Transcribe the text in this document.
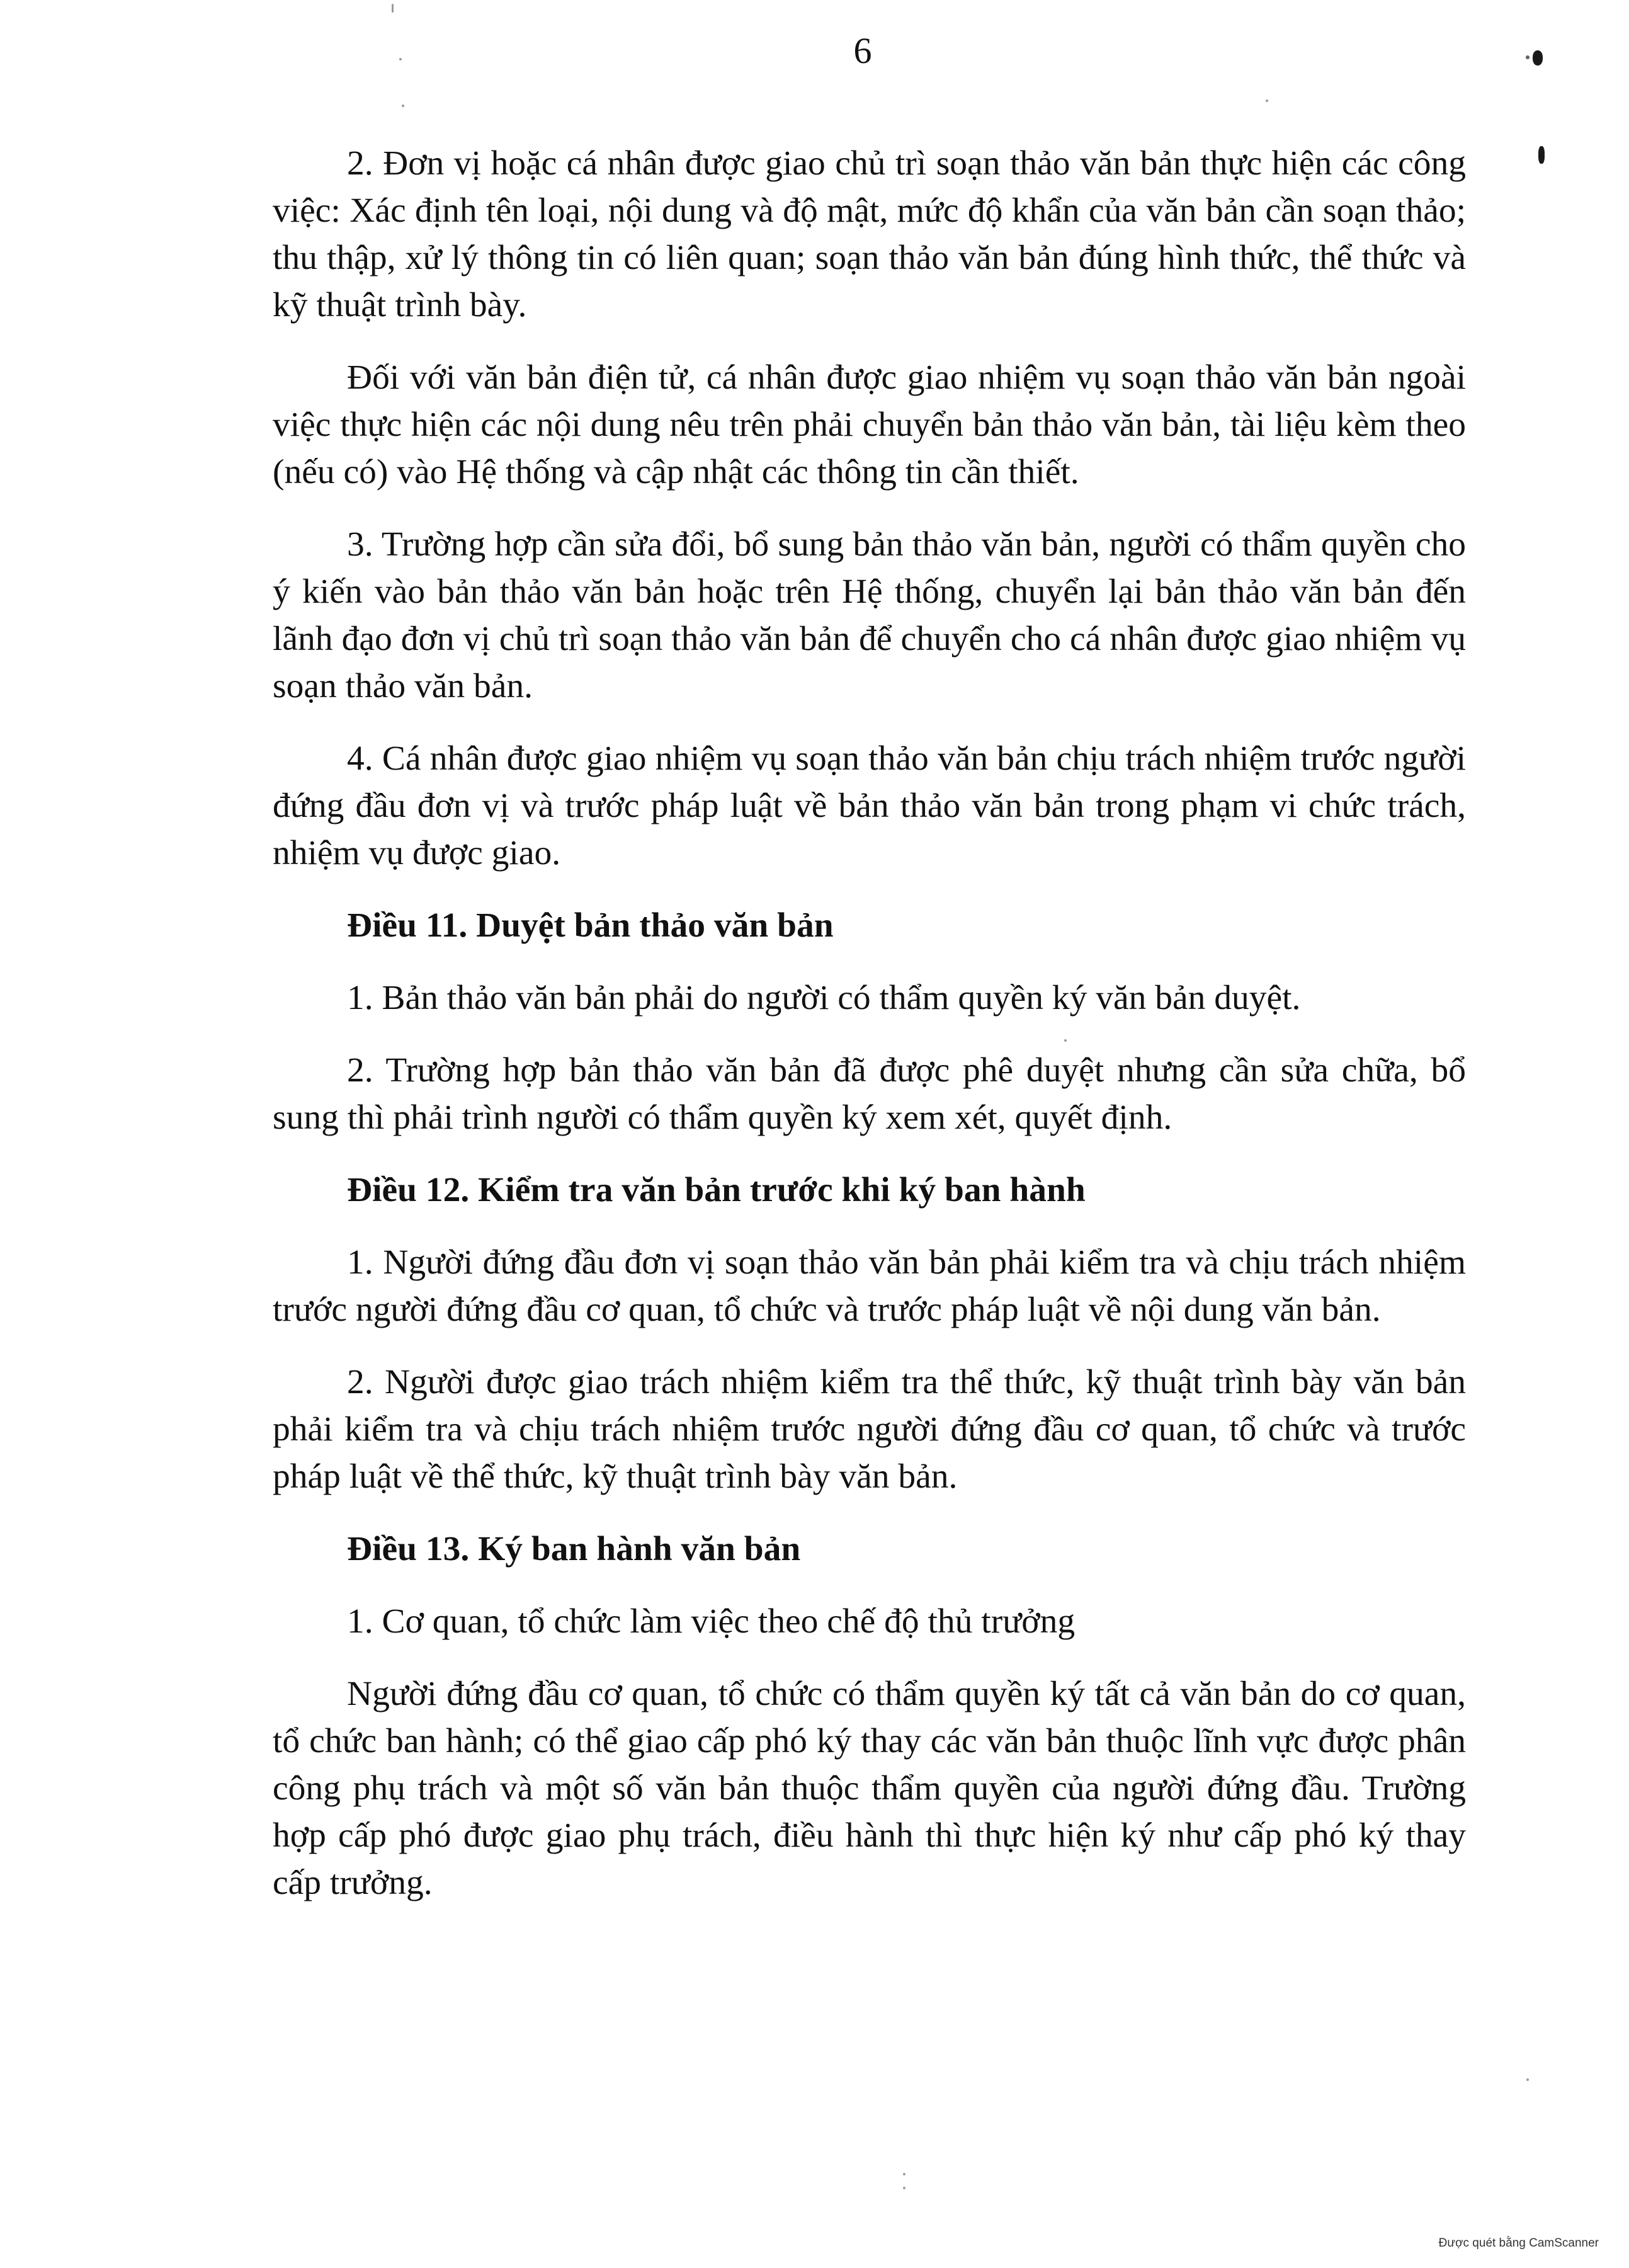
6

2. Đơn vị hoặc cá nhân được giao chủ trì soạn thảo văn bản thực hiện các công việc: Xác định tên loại, nội dung và độ mật, mức độ khẩn của văn bản cần soạn thảo; thu thập, xử lý thông tin có liên quan; soạn thảo văn bản đúng hình thức, thể thức và kỹ thuật trình bày.

Đối với văn bản điện tử, cá nhân được giao nhiệm vụ soạn thảo văn bản ngoài việc thực hiện các nội dung nêu trên phải chuyển bản thảo văn bản, tài liệu kèm theo (nếu có) vào Hệ thống và cập nhật các thông tin cần thiết.

3. Trường hợp cần sửa đổi, bổ sung bản thảo văn bản, người có thẩm quyền cho ý kiến vào bản thảo văn bản hoặc trên Hệ thống, chuyển lại bản thảo văn bản đến lãnh đạo đơn vị chủ trì soạn thảo văn bản để chuyển cho cá nhân được giao nhiệm vụ soạn thảo văn bản.

4. Cá nhân được giao nhiệm vụ soạn thảo văn bản chịu trách nhiệm trước người đứng đầu đơn vị và trước pháp luật về bản thảo văn bản trong phạm vi chức trách, nhiệm vụ được giao.

Điều 11. Duyệt bản thảo văn bản

1. Bản thảo văn bản phải do người có thẩm quyền ký văn bản duyệt.

2. Trường hợp bản thảo văn bản đã được phê duyệt nhưng cần sửa chữa, bổ sung thì phải trình người có thẩm quyền ký xem xét, quyết định.

Điều 12. Kiểm tra văn bản trước khi ký ban hành

1. Người đứng đầu đơn vị soạn thảo văn bản phải kiểm tra và chịu trách nhiệm trước người đứng đầu cơ quan, tổ chức và trước pháp luật về nội dung văn bản.

2. Người được giao trách nhiệm kiểm tra thể thức, kỹ thuật trình bày văn bản phải kiểm tra và chịu trách nhiệm trước người đứng đầu cơ quan, tổ chức và trước pháp luật về thể thức, kỹ thuật trình bày văn bản.

Điều 13. Ký ban hành văn bản

1. Cơ quan, tổ chức làm việc theo chế độ thủ trưởng

Người đứng đầu cơ quan, tổ chức có thẩm quyền ký tất cả văn bản do cơ quan, tổ chức ban hành; có thể giao cấp phó ký thay các văn bản thuộc lĩnh vực được phân công phụ trách và một số văn bản thuộc thẩm quyền của người đứng đầu. Trường hợp cấp phó được giao phụ trách, điều hành thì thực hiện ký như cấp phó ký thay cấp trưởng.

Được quét bằng CamScanner
